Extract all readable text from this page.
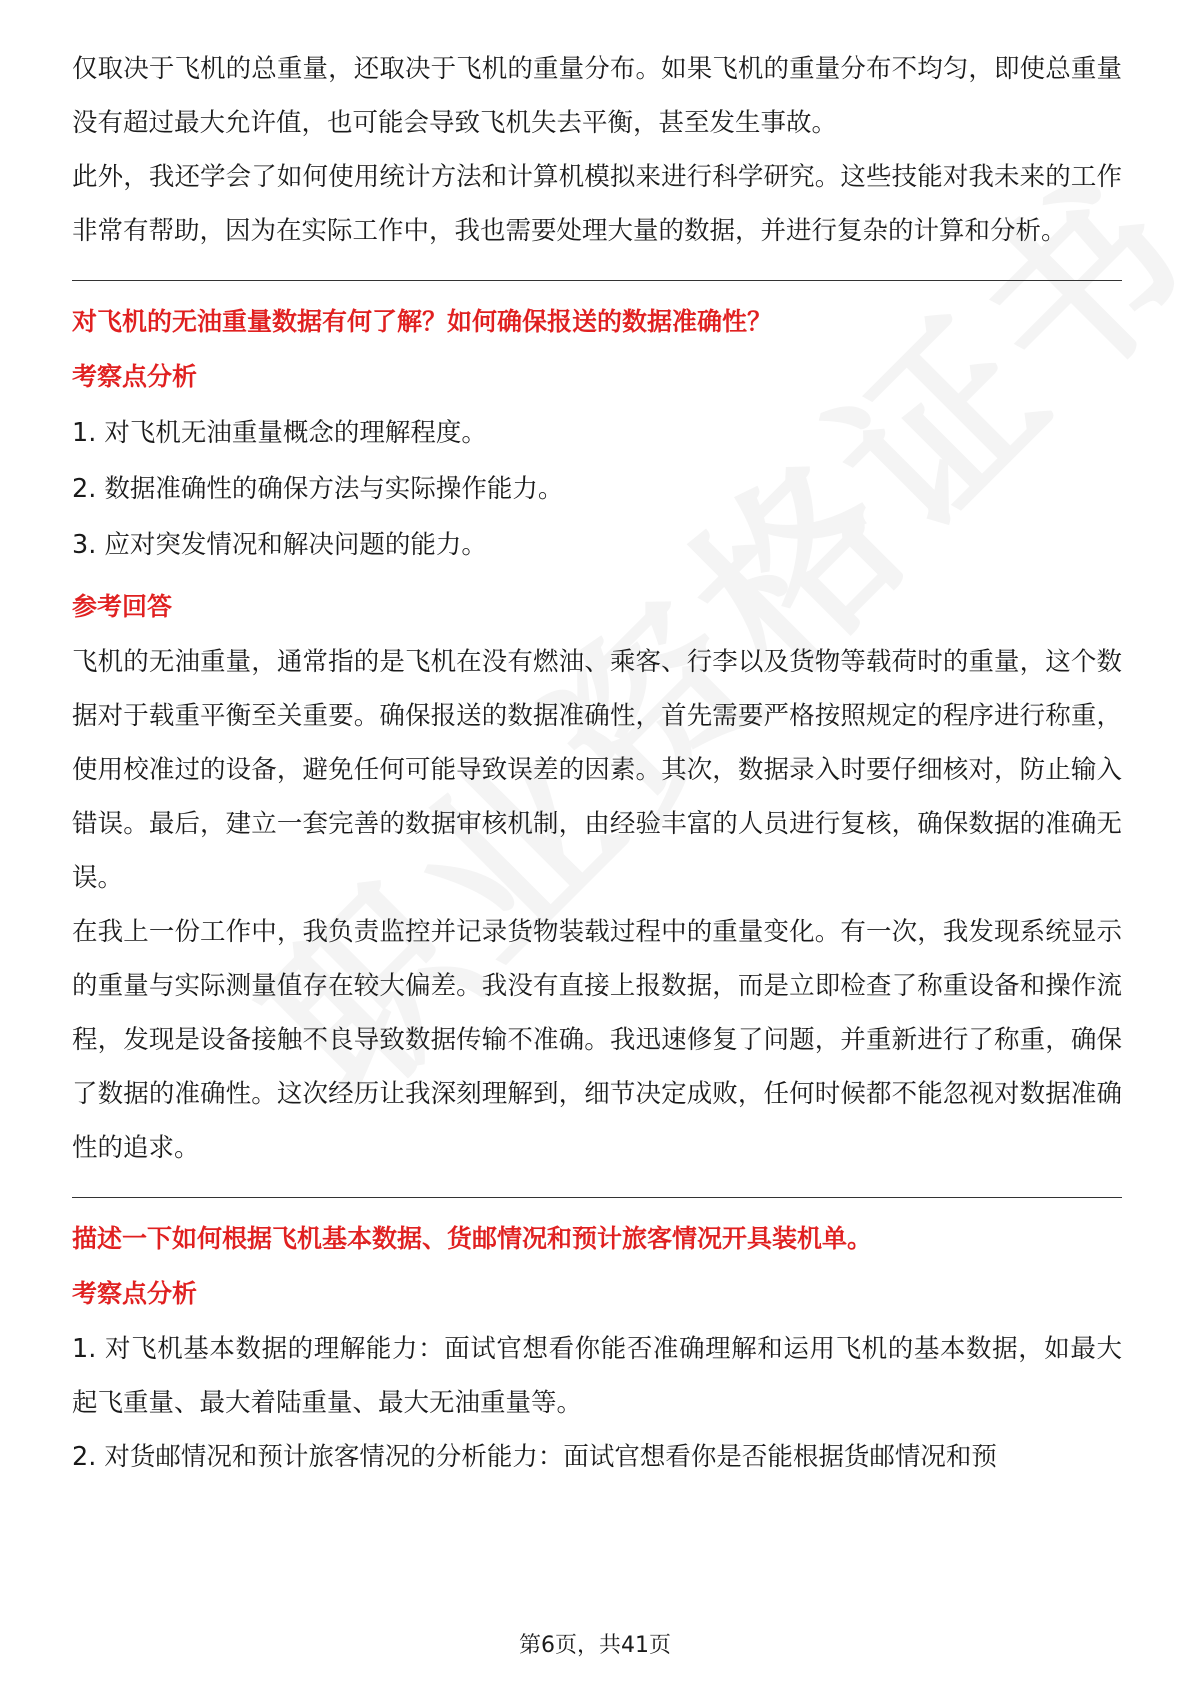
仅取决于飞机的总重量，还取决于飞机的重量分布。如果飞机的重量分布不均匀，即使总重量没有超过最大允许值，也可能会导致飞机失去平衡，甚至发生事故。

此外，我还学会了如何使用统计方法和计算机模拟来进行科学研究。这些技能对我未来的工作非常有帮助，因为在实际工作中，我也需要处理大量的数据，并进行复杂的计算和分析。

对飞机的无油重量数据有何了解？如何确保报送的数据准确性？

考察点分析

1. 对飞机无油重量概念的理解程度。

2. 数据准确性的确保方法与实际操作能力。

3. 应对突发情况和解决问题的能力。

参考回答

飞机的无油重量，通常指的是飞机在没有燃油、乘客、行李以及货物等载荷时的重量，这个数据对于载重平衡至关重要。确保报送的数据准确性，首先需要严格按照规定的程序进行称重，使用校准过的设备，避免任何可能导致误差的因素。其次，数据录入时要仔细核对，防止输入错误。最后，建立一套完善的数据审核机制，由经验丰富的人员进行复核，确保数据的准确无误。

在我上一份工作中，我负责监控并记录货物装载过程中的重量变化。有一次，我发现系统显示的重量与实际测量值存在较大偏差。我没有直接上报数据，而是立即检查了称重设备和操作流程，发现是设备接触不良导致数据传输不准确。我迅速修复了问题，并重新进行了称重，确保了数据的准确性。这次经历让我深刻理解到，细节决定成败，任何时候都不能忽视对数据准确性的追求。

描述一下如何根据飞机基本数据、货邮情况和预计旅客情况开具装机单。

考察点分析

1. 对飞机基本数据的理解能力：面试官想看你能否准确理解和运用飞机的基本数据，如最大起飞重量、最大着陆重量、最大无油重量等。

2. 对货邮情况和预计旅客情况的分析能力：面试官想看你是否能根据货邮情况和预

第6页，共41页
